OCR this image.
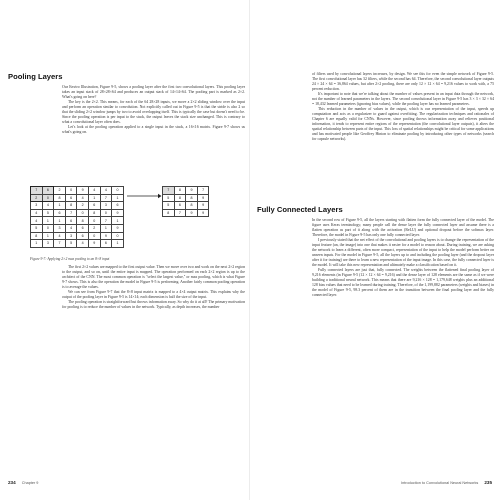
Pooling Layers

Our Enviro Illustration, Figure 9-5, shows a pooling layer after the first two convolutional layers. This pooling layer takes an input stack of 28×28×64 and produces an output stack of 14×14×64. The pooling part is marked as 2×2. What's going on here?

The key is the 2×2. This means, for each of the 64 28×28 inputs, we move a 2×2 sliding window over the input and perform an operation similar to convolution. Not explicitly called out in Figure 9-5 is that the stride is also 2 so that the sliding 2×2 window jumps by two to avoid overlapping itself. This is typically the case but doesn't need to be. Since the pooling operation is per input to the stack, the output leaves the stack size unchanged. This is contrary to what a convolutional layer often does.

Let's look at the pooling operation applied to a single input in the stack, a 16×16 matrix. Figure 9-7 shows us what's going on.

7	6	2	0	9	4	4	0
2	0	8	6	4	1	7	1
3	4	1	8	2	6	3	6
4	5	6	7	0	8	0	9
4	1	1	6	8	0	7	1
5	0	3	4	6	2	1	9
8	1	4	3	6	0	9	0
1	3	7	5	4	9	6	1
7	8	9	7
5	8	8	9
5	6	8	9
8	7	9	9
Figure 9-7: Applying 2×2 max pooling to an 8×8 input

The first 2×2 values are mapped to the first output value. Then we move over two and work on the next 2×2 region to the output, and so on, until the entire input is mapped. The operation performed on each 2×2 region is up to the architect of the CNN. The most common operation is "select the largest value," or max pooling, which is what Figure 9-7 shows. This is also the operation the model in Figure 9-5 is performing. Another fairly common pooling operation is to average the values.

We can see from Figure 9-7 that the 8×8 input matrix is mapped to a 4×4 output matrix. This explains why the output of the pooling layer in Figure 9-5 is 14×14; each dimension is half the size of the input.

The pooling operation is straightforward but throws information away. So why do it at all? The primary motivation for pooling is to reduce the number of values in the network. Typically, as depth increases, the number

234 Chapter 9

of filters used by convolutional layers increases, by design. We see this for even the simple network of Figure 9-5. The first convolutional layer has 32 filters, while the second has 64. Therefore, the second convolutional layer outputs 24 × 24 × 64 = 36,864 values, but after 2×2 pooling, there are only 12 × 12 × 64 = 9,216 values to work with, a 75 percent reduction.

It's important to note that we're talking about the number of values present in an input data through the network, not the number of learned parameters in the layers. The second convolutional layer in Figure 9-5 has 3 × 3 × 32 × 64 = 18,432 learned parameters (ignoring bias values), while the pooling layer has no learned parameters.

This reduction in the number of values in the output, which is our representation of the input, speeds up computation and acts as a regularizer to guard against overfitting. The regularization techniques and rationales of Chapter 6 are equally valid for CNNs. However, since pooling throws information away and relieves positional information, it tends to represent entire regions of the representation (the convolutional layer outputs), it alters the spatial relationship between parts of the input. This loss of spatial relationships might be critical for some applications and has motivated people like Geoffrey Hinton to eliminate pooling by introducing other types of networks (search for capsule networks).

Fully Connected Layers

In the second row of Figure 9-5, all the layers starting with flatten form the fully connected layer of the model. The figure uses Keras terminology; many people call the dense layer the fully connected layer and assume there is a flatten operation as part of it along with the activation (ReLU) and optional dropout before the softmax layer. Therefore, the model in Figure 9-5 has only one fully connected layer.

I previously stated that the net effect of the convolutional and pooling layers is to change the representation of the input feature (an, the image) into one that makes it easier for a model to reason about. During training, we are asking the network to learn a different, often more compact, representation of the input to help the model perform better on unseen inputs. For the model in Figure 9-5, all the layers up to and including the pooling layer (and the dropout layer after it for training) are there to learn a new representation of the input image. In this case, the fully connected layer is the model. It will take this new representation and ultimately make a classification based on it.

Fully connected layers are just that, fully connected. The weights between the flattened final pooling layer of 9,216 elements (in Figure 9-5 (12 × 12 × 64 = 9,216) and the dense layer of 128 elements are the same as if we were building a traditional neural network. This means that there are 9,216 × 128 = 1,179,648 weights plus an additional 128 bias values that need to be learned during training. Therefore, of the 1,199,882 parameters (weights and biases) in the model of Figure 9-5, 98.3 percent of them are in the transition between the final pooling layer and the fully connected layer.

Introduction to Convolutional Neural Networks 235
